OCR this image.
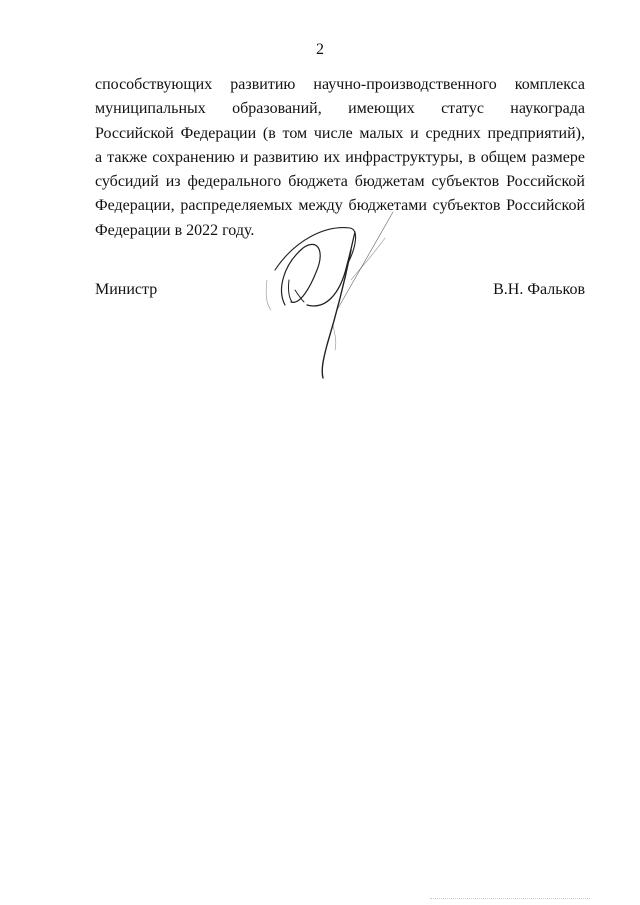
2
способствующих развитию научно-производственного комплекса
муниципальных образований, имеющих статус наукограда
Российской Федерации (в том числе малых и средних предприятий),
а также сохранению и развитию их инфраструктуры, в общем размере
субсидий из федерального бюджета бюджетам субъектов Российской
Федерации, распределяемых между бюджетами субъектов Российской
Федерации в 2022 году.
Министр	В.Н. Фальков
